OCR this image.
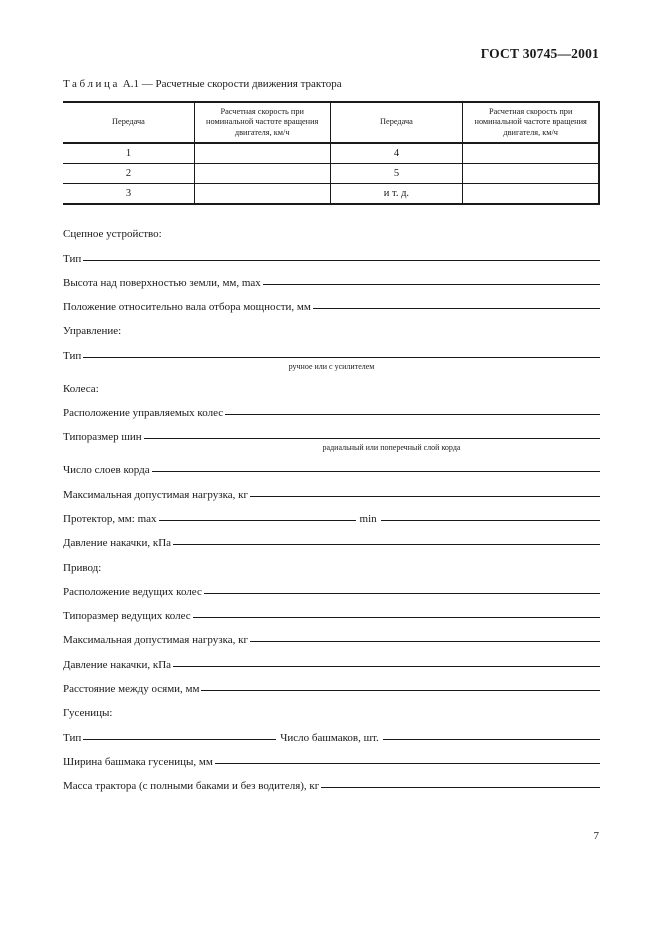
ГОСТ 30745—2001
Таблица А.1 — Расчетные скорости движения трактора
Передача	Расчетная скорость при номинальной частоте вращения двигателя, км/ч	Передача	Расчетная скорость при номинальной частоте вращения двигателя, км/ч
1		4	
2		5	
3		и т. д.	
Сцепное устройство:
Тип
Высота над поверхностью земли, мм, max
Положение относительно вала отбора мощности, мм
Управление:
Тип
ручное или с усилителем
Колеса:
Расположение управляемых колес
Типоразмер шин
радиальный или поперечный слой корда
Число слоев корда
Максимальная допустимая нагрузка, кг
Протектор, мм: max	min
Давление накачки, кПа
Привод:
Расположение ведущих колес
Типоразмер ведущих колес
Максимальная допустимая нагрузка, кг
Давление накачки, кПа
Расстояние между осями, мм
Гусеницы:
Тип	Число башмаков, шт.
Ширина башмака гусеницы, мм
Масса трактора (с полными баками и без водителя), кг
7
